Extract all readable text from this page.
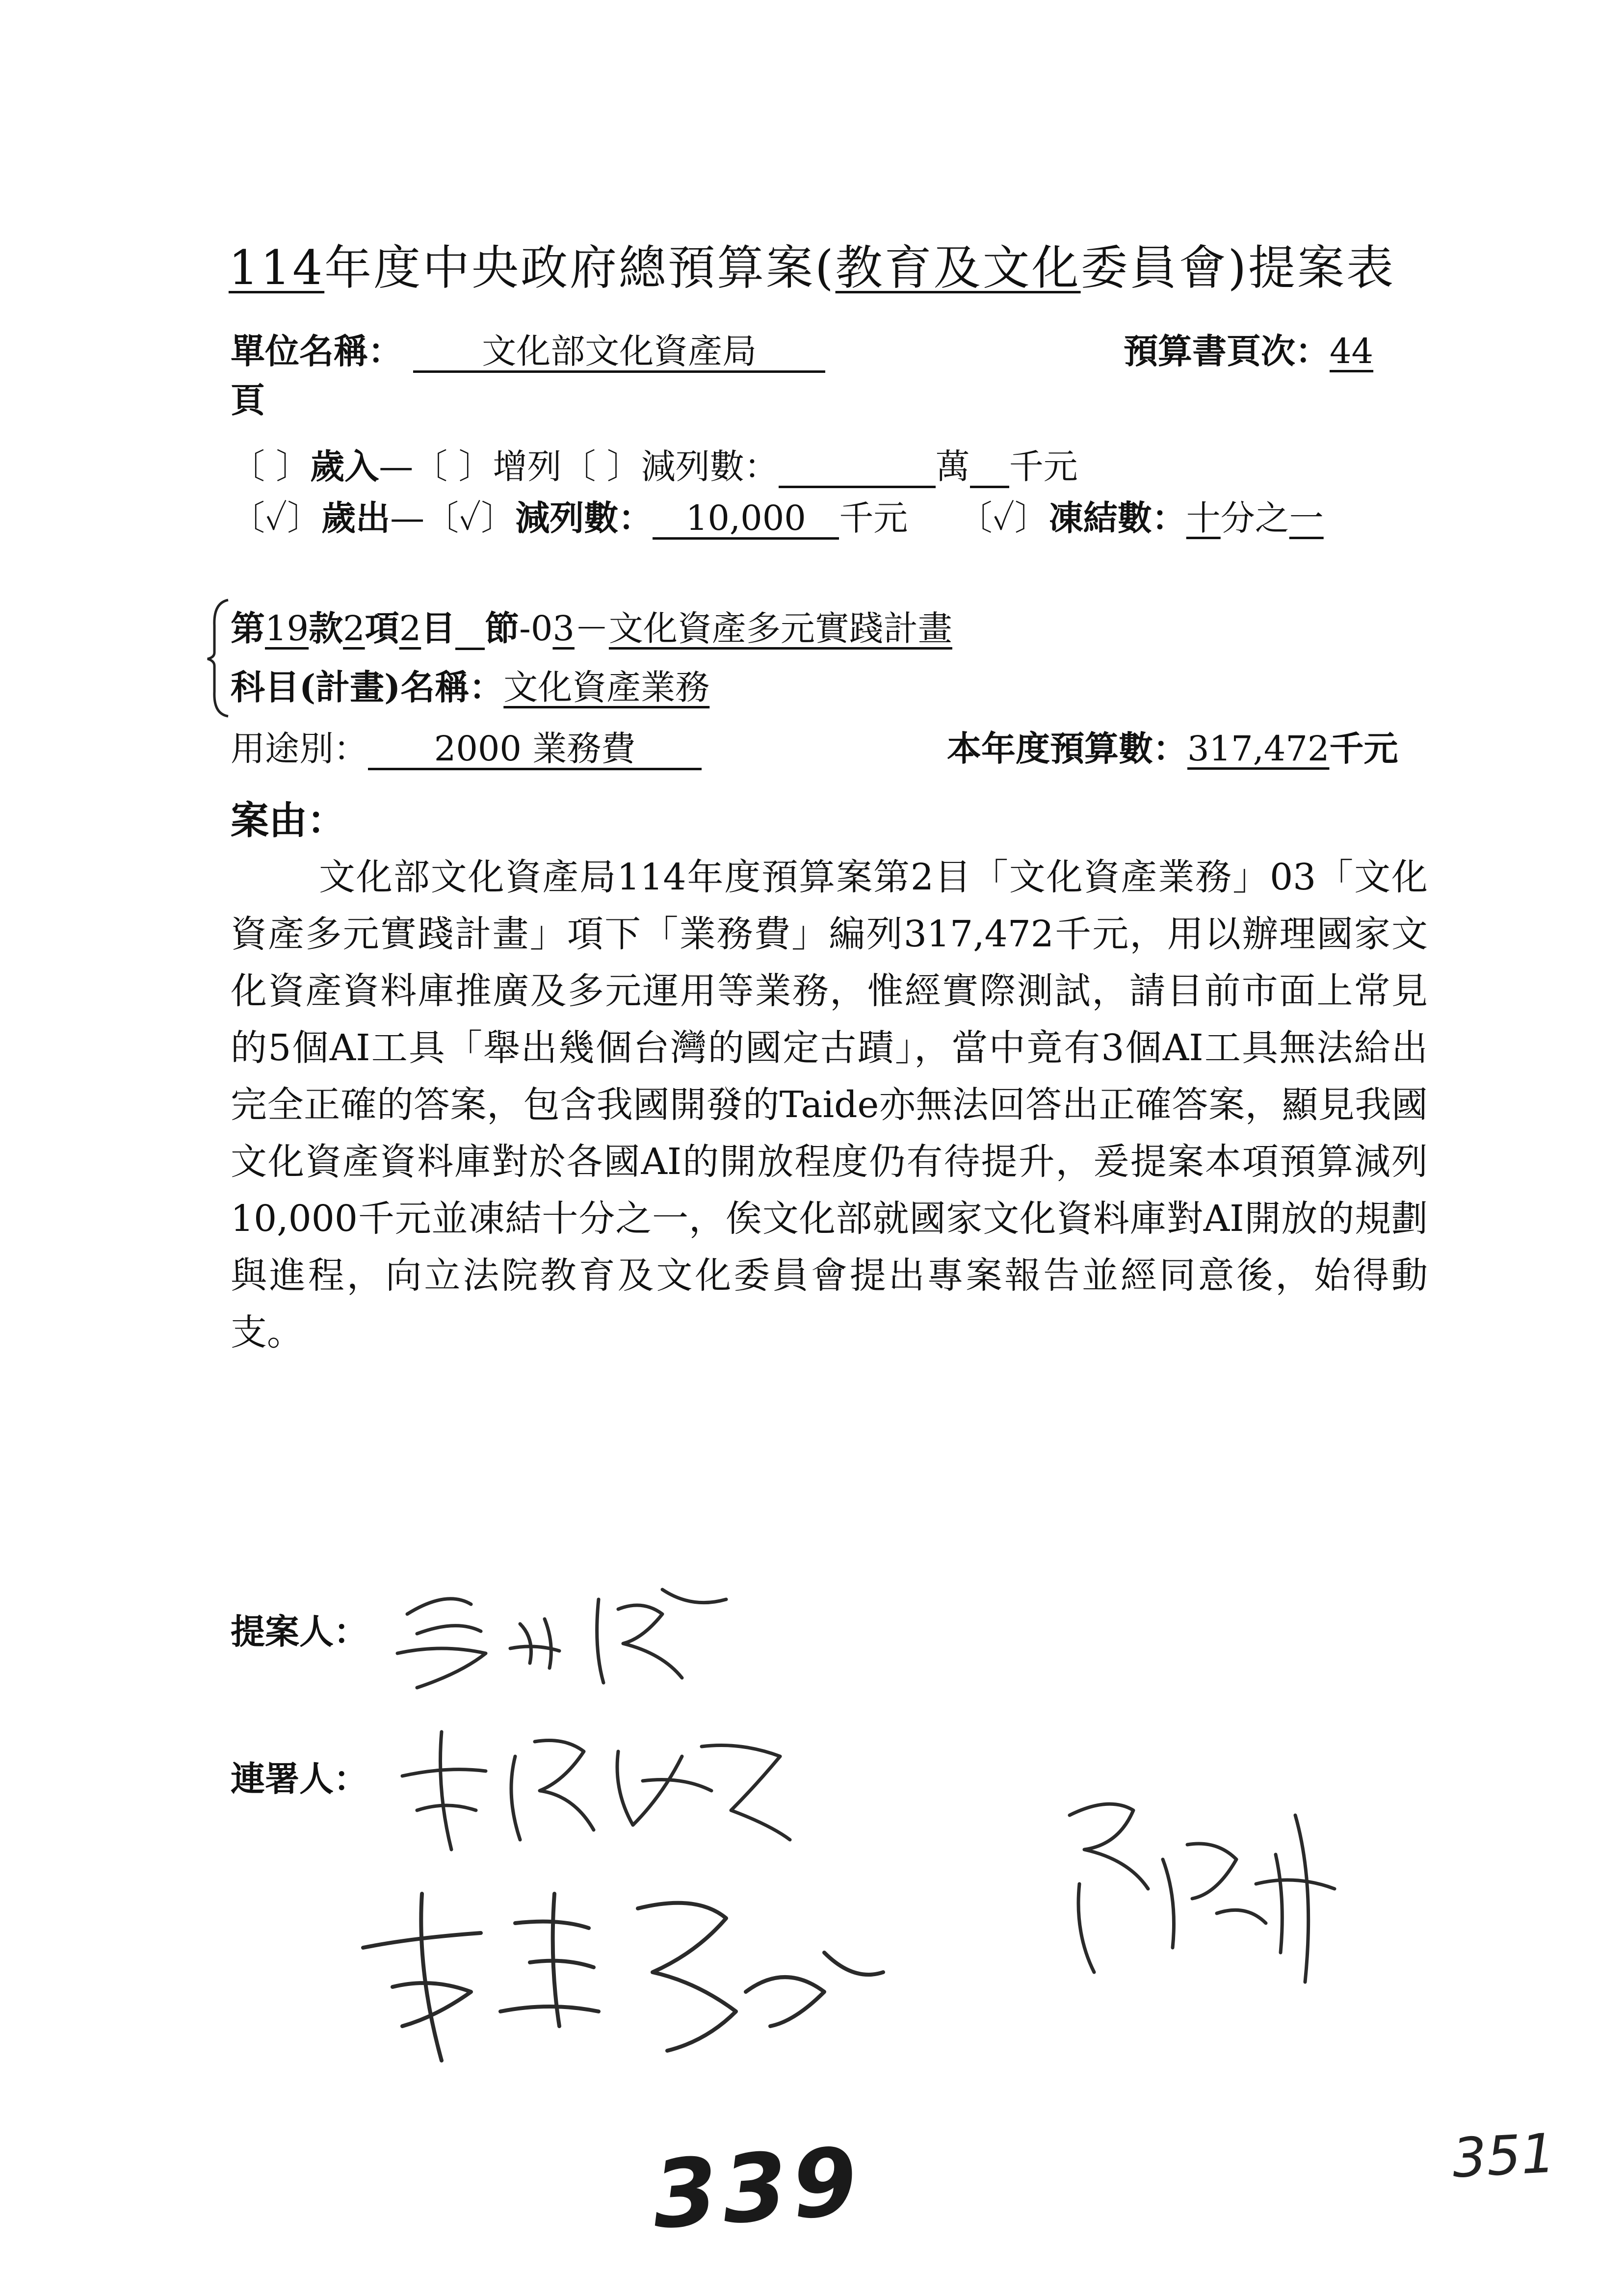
114年度中央政府總預算案(教育及文化委員會)提案表
單位名稱： 文化部文化資產局	預算書頁次：44
頁
〔 〕歲入—〔 〕增列〔 〕減列數：	萬 千元
〔✓〕歲出—〔✓〕減列數： 10,000 千元 〔✓〕凍結數：十分之一
第19款2項2目 節-03－文化資產多元實踐計畫
科目(計畫)名稱：文化資產業務
用途別： 2000 業務費	本年度預算數：317,472千元
案由：
文化部文化資產局114年度預算案第2目「文化資產業務」03「文化資產多元實踐計畫」項下「業務費」編列317,472千元，用以辦理國家文化資產資料庫推廣及多元運用等業務，惟經實際測試，請目前市面上常見的5個AI工具「舉出幾個台灣的國定古蹟」，當中竟有3個AI工具無法給出完全正確的答案，包含我國開發的Taide亦無法回答出正確答案，顯見我國文化資產資料庫對於各國AI的開放程度仍有待提升，爰提案本項預算減列10,000千元並凍結十分之一，俟文化部就國家文化資料庫對AI開放的規劃與進程，向立法院教育及文化委員會提出專案報告並經同意後，始得動支。
提案人：
連署人：
339	351
